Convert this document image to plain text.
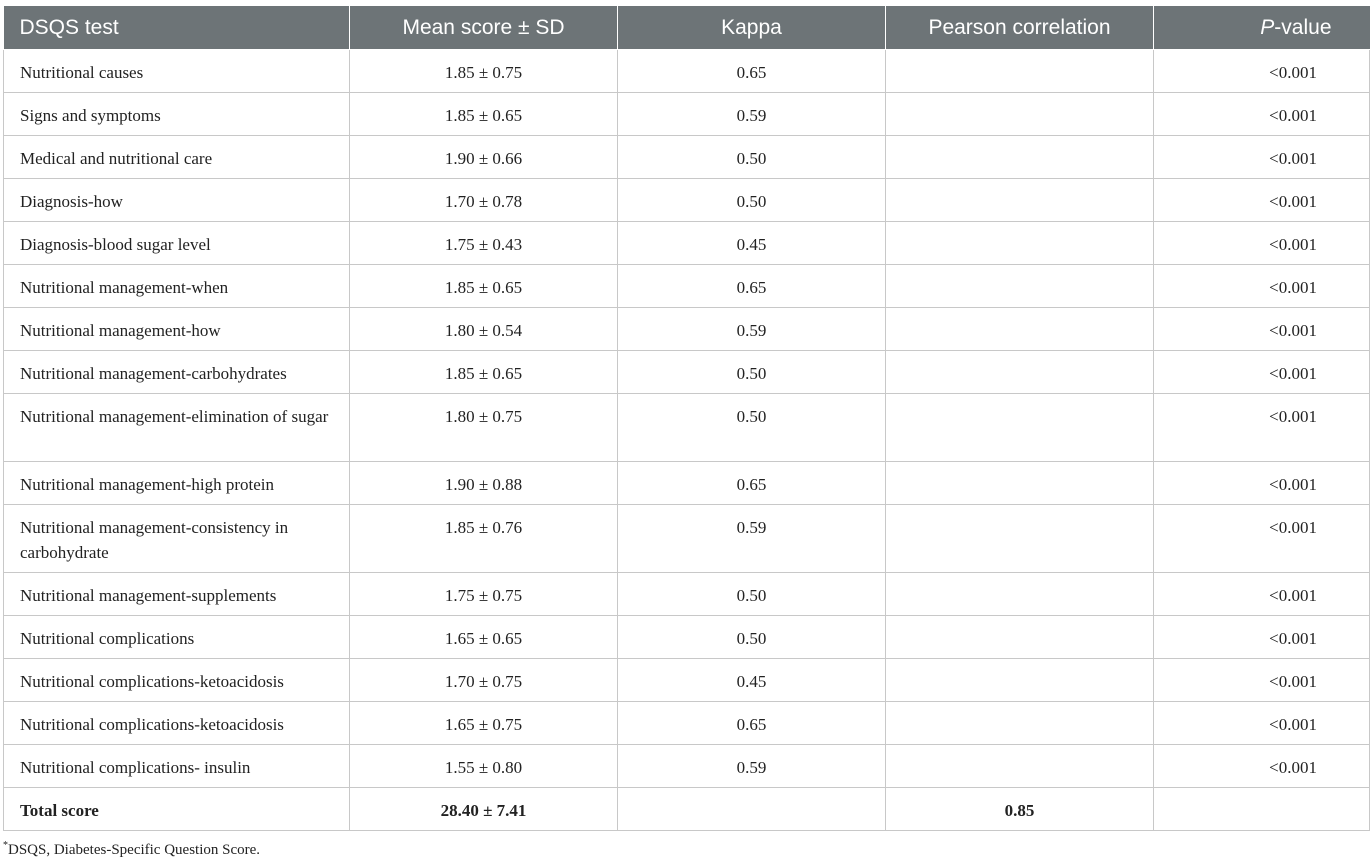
DSQS test	Mean score ± SD	Kappa	Pearson correlation	P-value
Nutritional causes	1.85 ± 0.75	0.65		<0.001
Signs and symptoms	1.85 ± 0.65	0.59		<0.001
Medical and nutritional care	1.90 ± 0.66	0.50		<0.001
Diagnosis-how	1.70 ± 0.78	0.50		<0.001
Diagnosis-blood sugar level	1.75 ± 0.43	0.45		<0.001
Nutritional management-when	1.85 ± 0.65	0.65		<0.001
Nutritional management-how	1.80 ± 0.54	0.59		<0.001
Nutritional management-carbohydrates	1.85 ± 0.65	0.50		<0.001
Nutritional management-elimination of sugar	1.80 ± 0.75	0.50		<0.001
Nutritional management-high protein	1.90 ± 0.88	0.65		<0.001
Nutritional management-consistency in carbohydrate	1.85 ± 0.76	0.59		<0.001
Nutritional management-supplements	1.75 ± 0.75	0.50		<0.001
Nutritional complications	1.65 ± 0.65	0.50		<0.001
Nutritional complications-ketoacidosis	1.70 ± 0.75	0.45		<0.001
Nutritional complications-ketoacidosis	1.65 ± 0.75	0.65		<0.001
Nutritional complications- insulin	1.55 ± 0.80	0.59		<0.001
Total score	28.40 ± 7.41		0.85	
*DSQS, Diabetes-Specific Question Score.
